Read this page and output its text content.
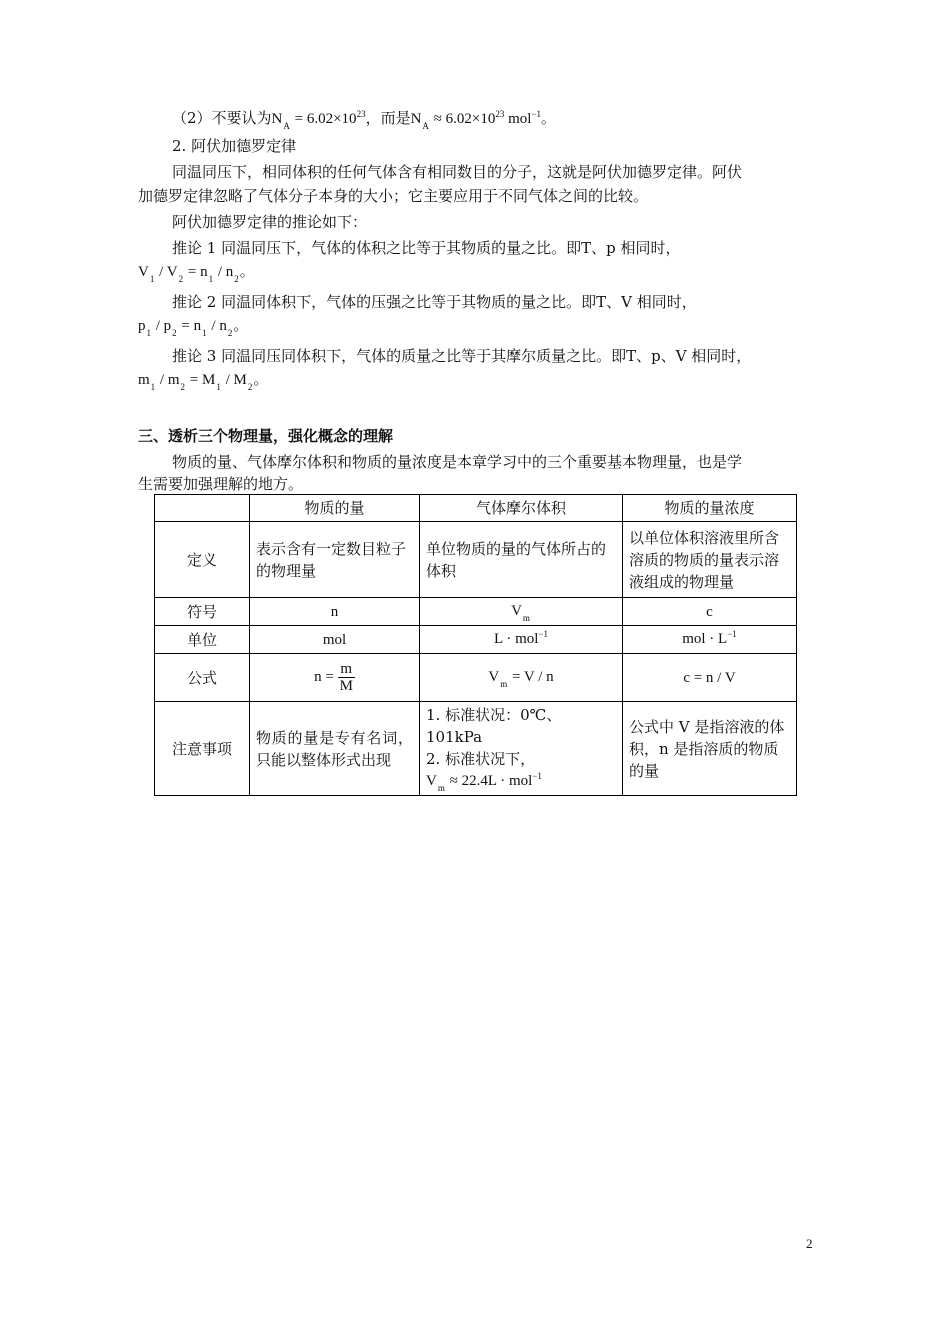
（2）不要认为$N_A = 6.02\times 10^{23}$，而是$N_A \approx 6.02\times 10^{23}$ mol$^{-1}$。
2. 阿伏加德罗定律
同温同压下，相同体积的任何气体含有相同数目的分子，这就是阿伏加德罗定律。阿伏
加德罗定律忽略了气体分子本身的大小；它主要应用于不同气体之间的比较。
阿伏加德罗定律的推论如下：
推论 1 同温同压下，气体的体积之比等于其物质的量之比。即T、p 相同时，
$V_1 / V_2 = n_1 / n_2$。
推论 2 同温同体积下，气体的压强之比等于其物质的量之比。即T、V 相同时，
$p_1 / p_2 = n_1 / n_2$。
推论 3 同温同压同体积下，气体的质量之比等于其摩尔质量之比。即T、p、V 相同时，
$m_1 / m_2 = M_1 / M_2$。
三、透析三个物理量，强化概念的理解
物质的量、气体摩尔体积和物质的量浓度是本章学习中的三个重要基本物理量，也是学
生需要加强理解的地方。
	物质的量	气体摩尔体积	物质的量浓度
定义	表示含有一定数目粒子的物理量	单位物质的量的气体所占的体积	以单位体积溶液里所含溶质的物质的量表示溶液组成的物理量
符号	n	$V_m$	c
单位	mol	L · mol$^{-1}$	mol · $L^{-1}$
公式	$n = \frac{m}{M}$	$V_m = V / n$	c = n / V
注意事项	物质的量是专有名词，只能以整体形式出现	1. 标准状况：0℃、101kPa
2. 标准状况下，
$V_m \approx 22.4L \cdot mol^{-1}$	公式中 V 是指溶液的体积，n 是指溶质的物质的量
2
